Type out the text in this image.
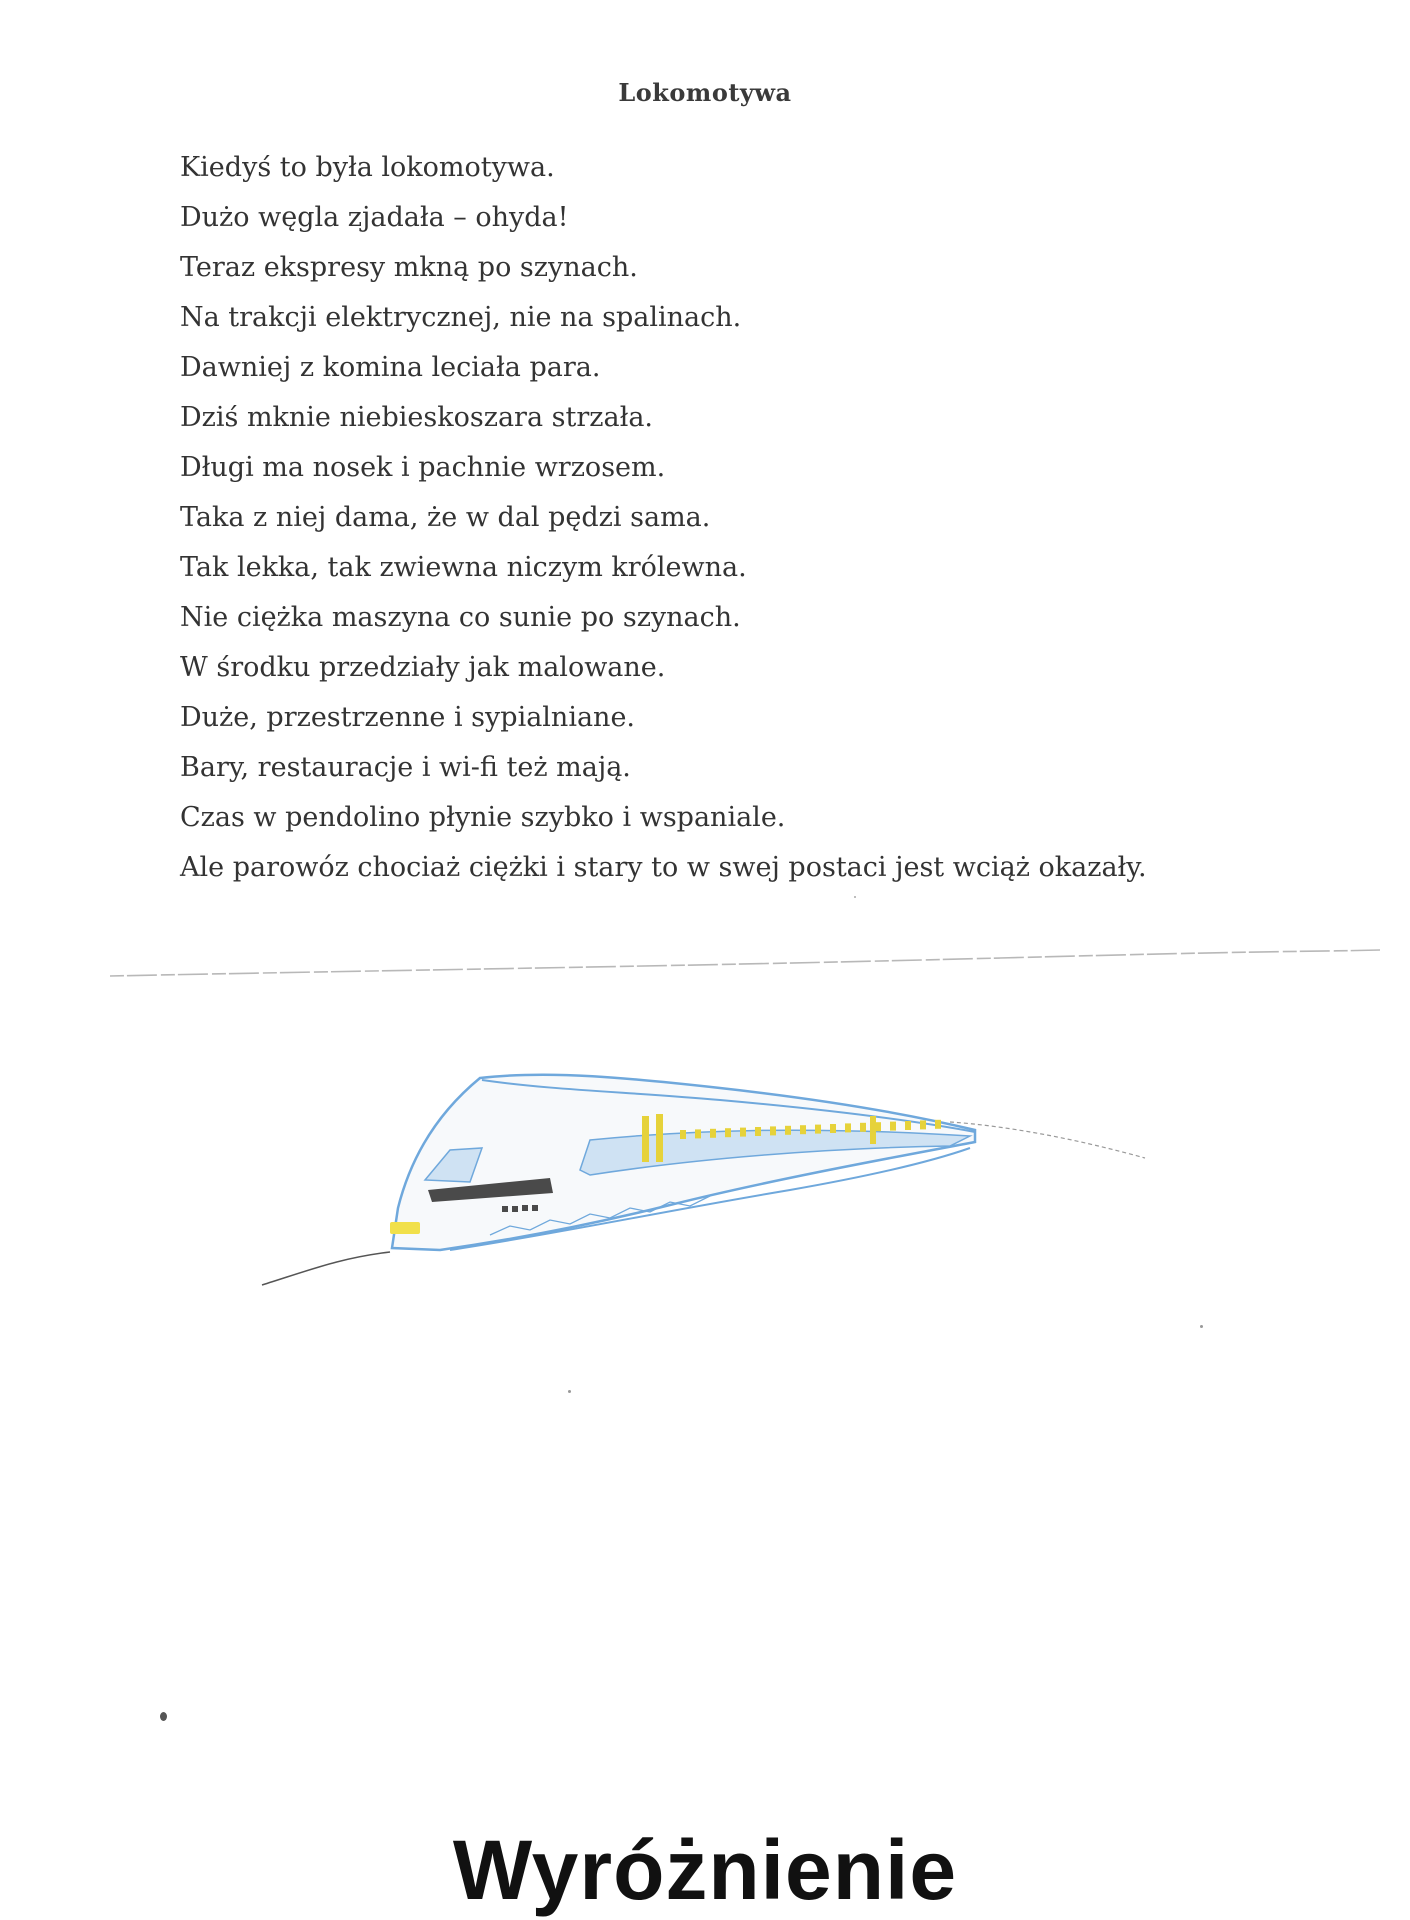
Lokomotywa
Kiedyś to była lokomotywa.
Dużo węgla zjadała – ohyda!
Teraz ekspresy mkną po szynach.
Na trakcji elektrycznej, nie na spalinach.
Dawniej z komina leciała para.
Dziś mknie niebieskoszara strzała.
Długi ma nosek i pachnie wrzosem.
Taka z niej dama, że w dal pędzi sama.
Tak lekka, tak zwiewna niczym królewna.
Nie ciężka maszyna co sunie po szynach.
W środku przedziały jak malowane.
Duże, przestrzenne i sypialniane.
Bary, restauracje i wi-fi też mają.
Czas w pendolino płynie szybko i wspaniale.
Ale parowóz chociaż ciężki i stary to w swej postaci jest wciąż okazały.
Wyróżnienie
